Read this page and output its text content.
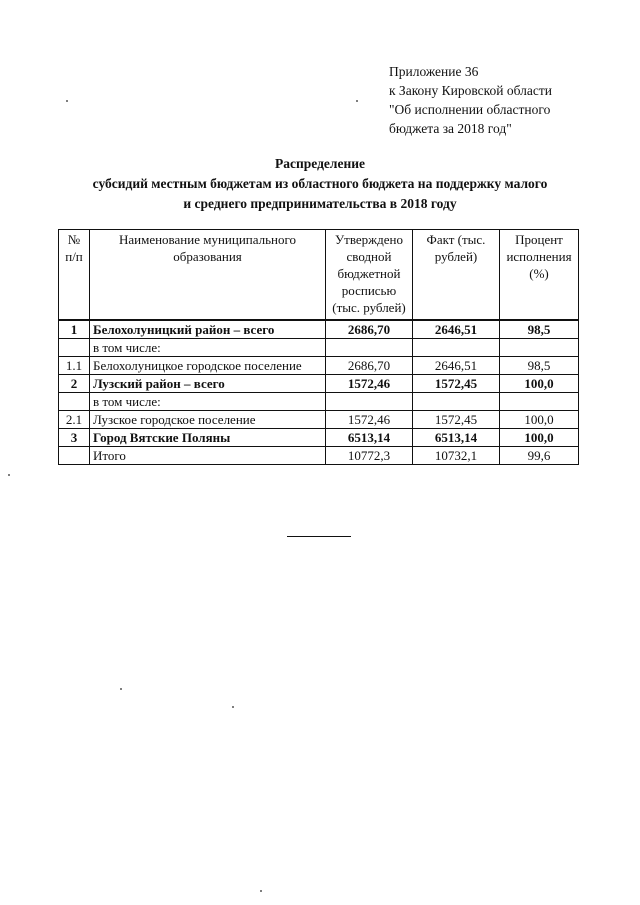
Приложение 36
к Закону Кировской области
"Об исполнении областного
бюджета за 2018 год"
Распределение
субсидий местным бюджетам из областного бюджета на поддержку малого
и среднего предпринимательства в 2018 году
№ п/п	Наименование муниципального образования	Утверждено сводной бюджетной росписью (тыс. рублей)	Факт (тыс. рублей)	Процент исполнения (%)
1	Белохолуницкий район – всего	2686,70	2646,51	98,5
	в том числе:			
1.1	Белохолуницкое городское поселение	2686,70	2646,51	98,5
2	Лузский район – всего	1572,46	1572,45	100,0
	в том числе:			
2.1	Лузское городское поселение	1572,46	1572,45	100,0
3	Город Вятские Поляны	6513,14	6513,14	100,0
	Итого	10772,3	10732,1	99,6
